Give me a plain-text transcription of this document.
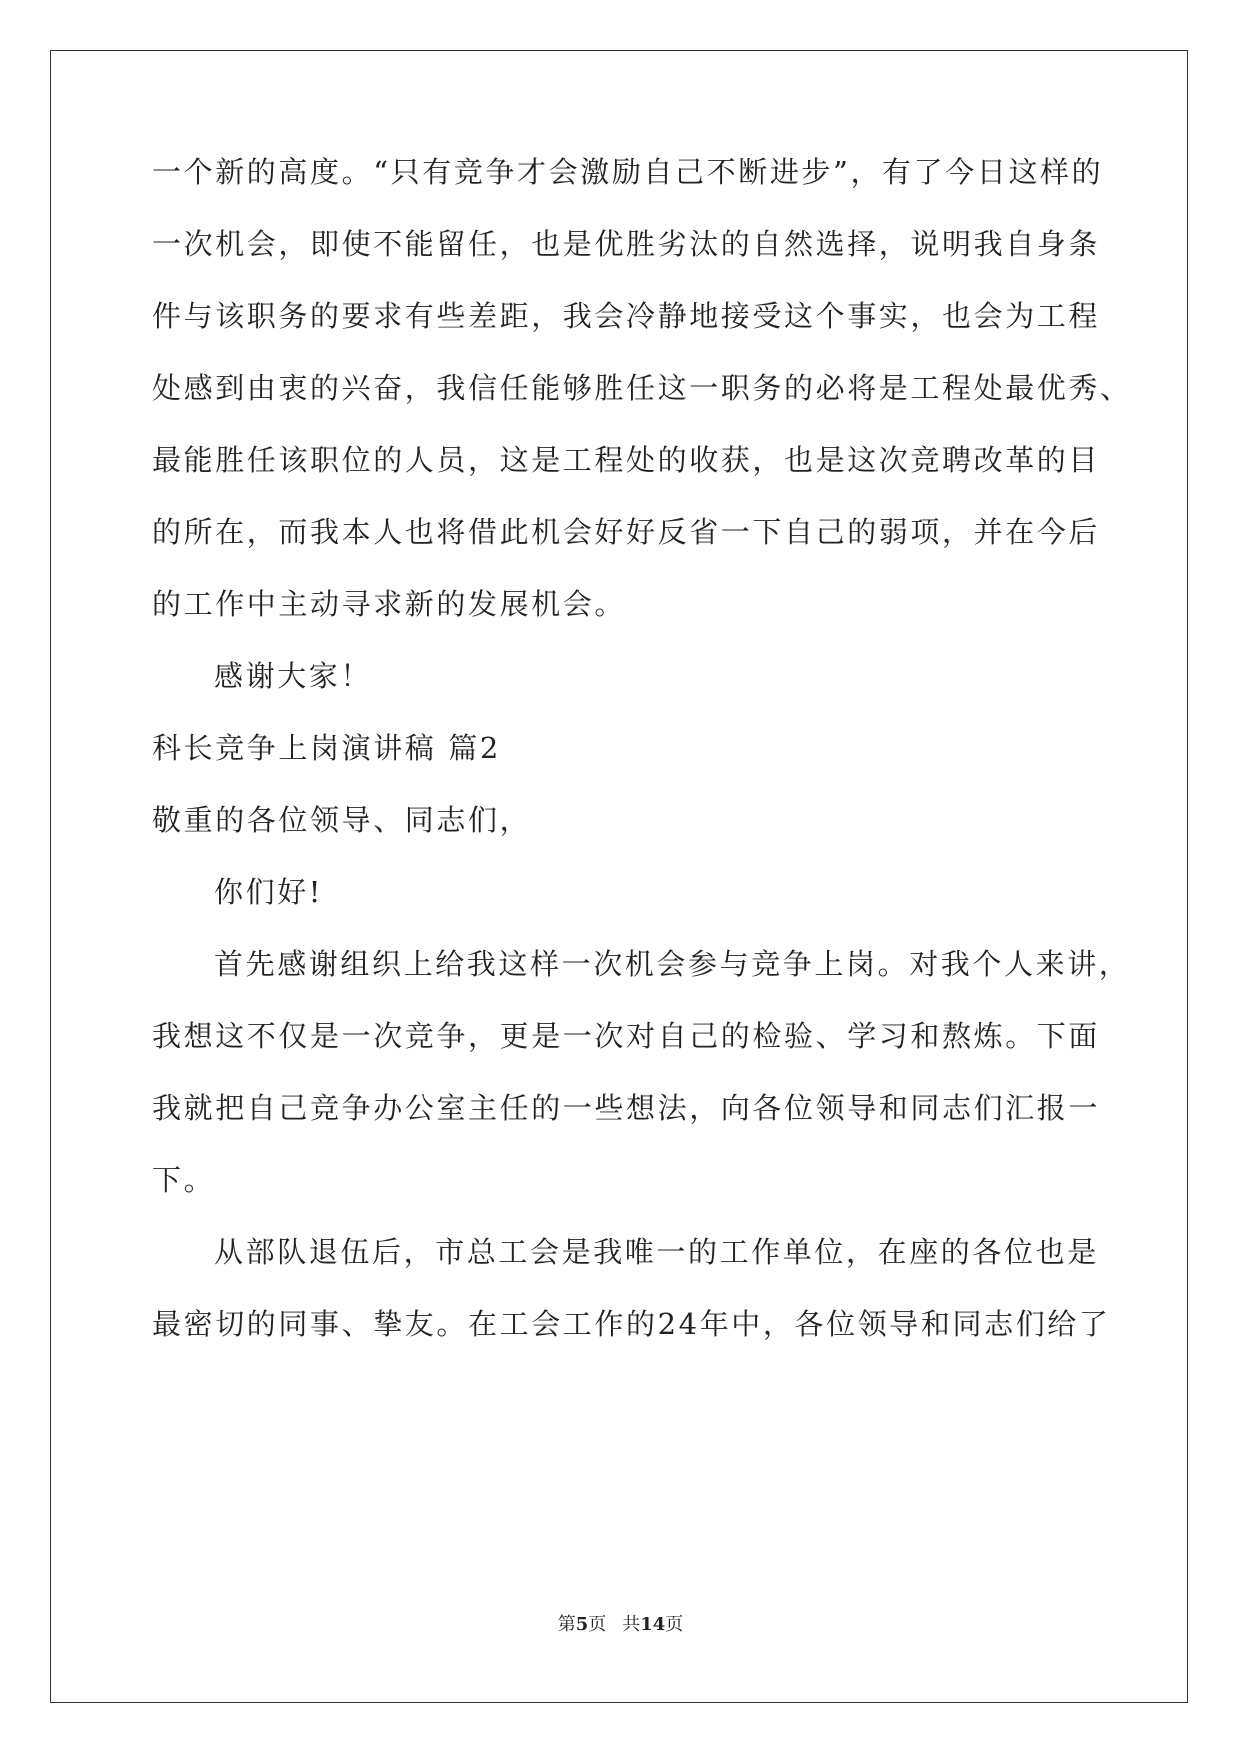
一个新的高度。“只有竞争才会激励自己不断进步”，有了今日这样的
一次机会，即使不能留任，也是优胜劣汰的自然选择，说明我自身条
件与该职务的要求有些差距，我会冷静地接受这个事实，也会为工程
处感到由衷的兴奋，我信任能够胜任这一职务的必将是工程处最优秀、
最能胜任该职位的人员，这是工程处的收获，也是这次竞聘改革的目
的所在，而我本人也将借此机会好好反省一下自己的弱项，并在今后
的工作中主动寻求新的发展机会。
感谢大家！
科长竞争上岗演讲稿 篇2
敬重的各位领导、同志们，
你们好!
首先感谢组织上给我这样一次机会参与竞争上岗。对我个人来讲，
我想这不仅是一次竞争，更是一次对自己的检验、学习和熬炼。下面
我就把自己竞争办公室主任的一些想法，向各位领导和同志们汇报一
下。
从部队退伍后，市总工会是我唯一的工作单位，在座的各位也是
最密切的同事、挚友。在工会工作的24年中，各位领导和同志们给了
第5页 共14页
